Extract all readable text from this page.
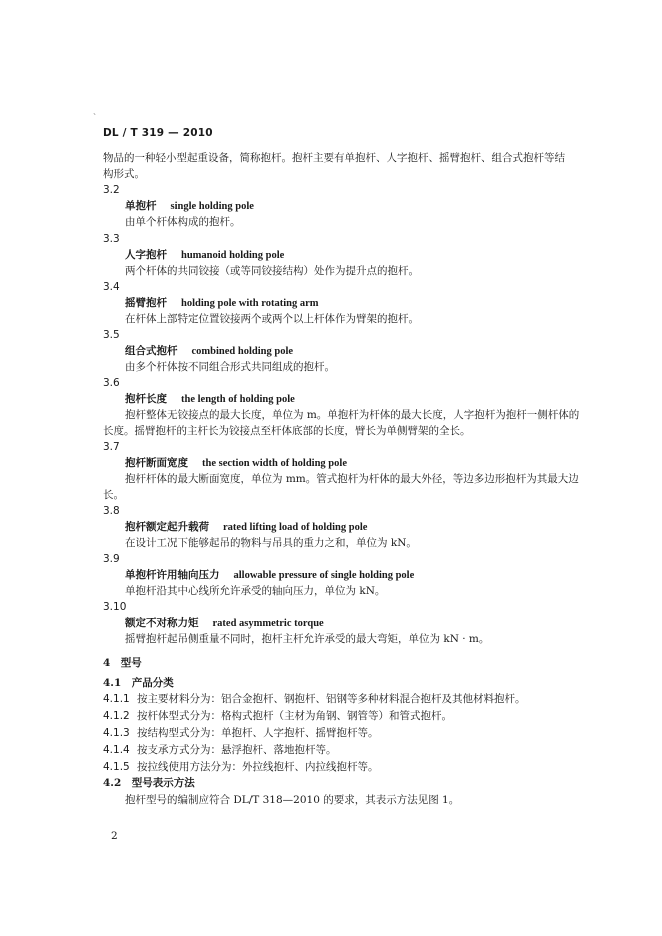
、
DL / T 319 — 2010
物品的一种轻小型起重设备，简称抱杆。抱杆主要有单抱杆、人字抱杆、摇臂抱杆、组合式抱杆等结
构形式。
3.2
单抱杆 single holding pole
由单个杆体构成的抱杆。
3.3
人字抱杆 humanoid holding pole
两个杆体的共同铰接（或等同铰接结构）处作为提升点的抱杆。
3.4
摇臂抱杆 holding pole with rotating arm
在杆体上部特定位置铰接两个或两个以上杆体作为臂架的抱杆。
3.5
组合式抱杆 combined holding pole
由多个杆体按不同组合形式共同组成的抱杆。
3.6
抱杆长度 the length of holding pole
抱杆整体无铰接点的最大长度，单位为 m。单抱杆为杆体的最大长度，人字抱杆为抱杆一侧杆体的
长度。摇臂抱杆的主杆长为铰接点至杆体底部的长度，臂长为单侧臂架的全长。
3.7
抱杆断面宽度 the section width of holding pole
抱杆杆体的最大断面宽度，单位为 mm。管式抱杆为杆体的最大外径，等边多边形抱杆为其最大边
长。
3.8
抱杆额定起升载荷 rated lifting load of holding pole
在设计工况下能够起吊的物料与吊具的重力之和，单位为 kN。
3.9
单抱杆许用轴向压力 allowable pressure of single holding pole
单抱杆沿其中心线所允许承受的轴向压力，单位为 kN。
3.10
额定不对称力矩 rated asymmetric torque
摇臂抱杆起吊侧重量不同时，抱杆主杆允许承受的最大弯矩，单位为 kN · m。
4　型号
4.1　产品分类
4.1.1 按主要材料分为：铝合金抱杆、钢抱杆、铝钢等多种材料混合抱杆及其他材料抱杆。
4.1.2 按杆体型式分为：格构式抱杆（主材为角钢、钢管等）和管式抱杆。
4.1.3 按结构型式分为：单抱杆、人字抱杆、摇臂抱杆等。
4.1.4 按支承方式分为：悬浮抱杆、落地抱杆等。
4.1.5 按拉线使用方法分为：外拉线抱杆、内拉线抱杆等。
4.2　型号表示方法
抱杆型号的编制应符合 DL/T 318—2010 的要求，其表示方法见图 1。
2
